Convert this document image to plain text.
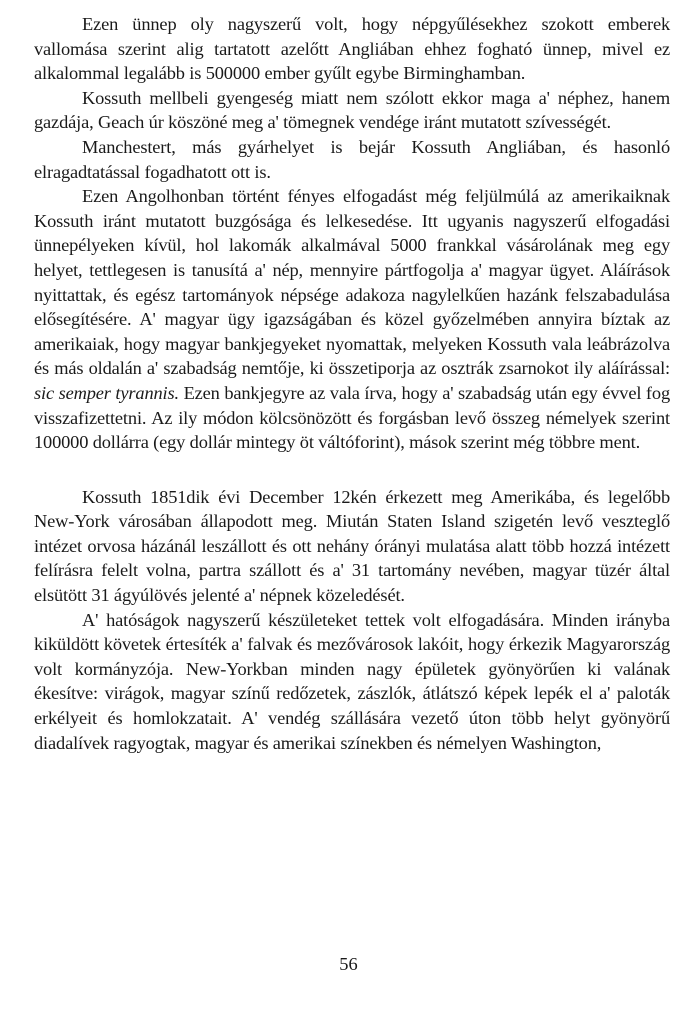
Ezen ünnep oly nagyszerű volt, hogy népgyűlésekhez szokott emberek vallomása szerint alig tartatott azelőtt Angliában ehhez fogható ünnep, mivel ez alkalommal legalább is 500000 ember gyűlt egybe Birminghamban.

Kossuth mellbeli gyengeség miatt nem szólott ekkor maga a' néphez, hanem gazdája, Geach úr köszöné meg a' tömegnek vendége iránt mutatott szívességét.

Manchestert, más gyárhelyet is bejár Kossuth Angliában, és hasonló elragadtatással fogadhatott ott is.

Ezen Angolhonban történt fényes elfogadást még feljülmúlá az amerikaiknak Kossuth iránt mutatott buzgósága és lelkesedése. Itt ugyanis nagyszerű elfogadási ünnepélyeken kívül, hol lakomák alkalmával 5000 frankkal vásárolának meg egy helyet, tettlegesen is tanusítá a' nép, mennyire pártfogolja a' magyar ügyet. Aláírások nyittattak, és egész tartományok népsége adakoza nagylelkűen hazánk felszabadulása elősegítésére. A' magyar ügy igazságában és közel győzelmében annyira bíztak az amerikaiak, hogy magyar bankjegyeket nyomattak, melyeken Kossuth vala leábrázolva és más oldalán a' szabadság nemtője, ki összetiporja az osztrák zsarnokot ily aláírással: sic semper tyrannis. Ezen bankjegyre az vala írva, hogy a' szabadság után egy évvel fog visszafizettetni. Az ily módon kölcsönözött és forgásban levő összeg némelyek szerint 100000 dollárra (egy dollár mintegy öt váltóforint), mások szerint még többre ment.

Kossuth 1851dik évi December 12kén érkezett meg Amerikába, és legelőbb New-York városában állapodott meg. Miután Staten Island szigetén levő veszteglő intézet orvosa házánál leszállott és ott nehány órányi mulatása alatt több hozzá intézett felírásra felelt volna, partra szállott és a' 31 tartomány nevében, magyar tüzér által elsütött 31 ágyúlövés jelenté a' népnek közeledését.

A' hatóságok nagyszerű készületeket tettek volt elfogadására. Minden irányba kiküldött követek értesíték a' falvak és mezővárosok lakóit, hogy érkezik Magyarország volt kormányzója. New-Yorkban minden nagy épületek gyönyörűen ki valának ékesítve: virágok, magyar színű redőzetek, zászlók, átlátszó képek lepék el a' paloták erkélyeit és homlokzatait. A' vendég szállására vezető úton több helyt gyönyörű diadalívek ragyogtak, magyar és amerikai színekben és némelyen Washington,

56
